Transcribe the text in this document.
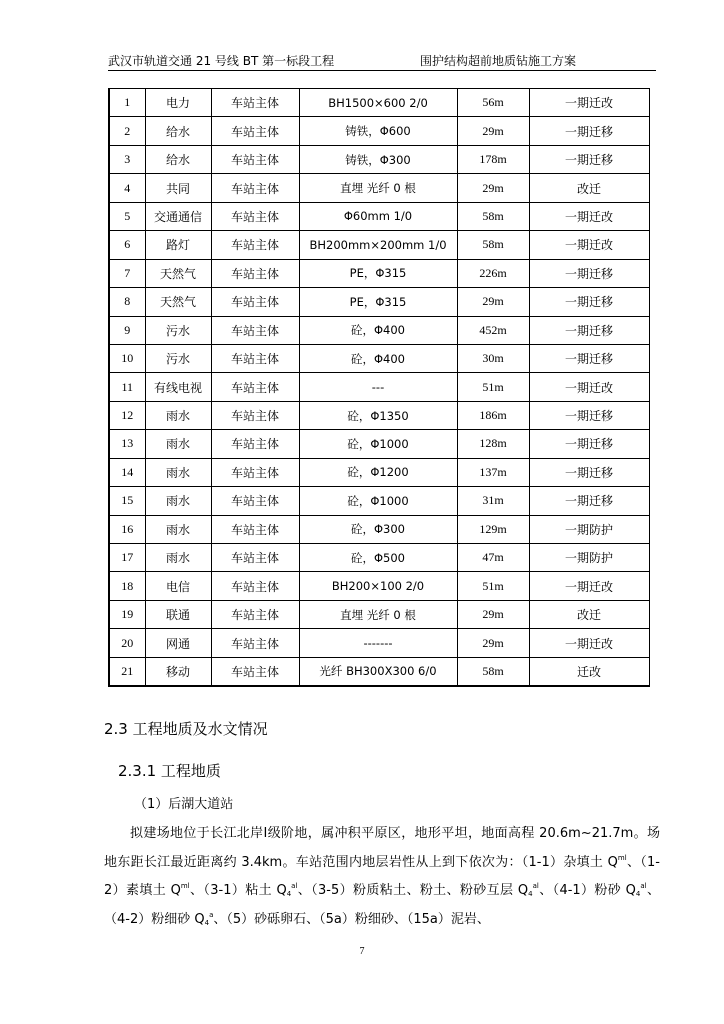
武汉市轨道交通 21 号线 BT 第一标段工程	围护结构超前地质钻施工方案
1	电力	车站主体	BH1500×600 2/0	56m	一期迁改
2	给水	车站主体	铸铁，Φ600	29m	一期迁移
3	给水	车站主体	铸铁，Φ300	178m	一期迁移
4	共同	车站主体	直埋 光纤 0 根	29m	改迁
5	交通通信	车站主体	Φ60mm 1/0	58m	一期迁改
6	路灯	车站主体	BH200mm×200mm 1/0	58m	一期迁改
7	天然气	车站主体	PE，Φ315	226m	一期迁移
8	天然气	车站主体	PE，Φ315	29m	一期迁移
9	污水	车站主体	砼，Φ400	452m	一期迁移
10	污水	车站主体	砼，Φ400	30m	一期迁移
11	有线电视	车站主体	---	51m	一期迁改
12	雨水	车站主体	砼，Φ1350	186m	一期迁移
13	雨水	车站主体	砼，Φ1000	128m	一期迁移
14	雨水	车站主体	砼，Φ1200	137m	一期迁移
15	雨水	车站主体	砼，Φ1000	31m	一期迁移
16	雨水	车站主体	砼，Φ300	129m	一期防护
17	雨水	车站主体	砼，Φ500	47m	一期防护
18	电信	车站主体	BH200×100 2/0	51m	一期迁改
19	联通	车站主体	直埋 光纤 0 根	29m	改迁
20	网通	车站主体	-------	29m	一期迁改
21	移动	车站主体	光纤 BH300X300 6/0	58m	迁改
2.3 工程地质及水文情况
2.3.1 工程地质
（1）后湖大道站
拟建场地位于长江北岸Ⅰ级阶地，属冲积平原区，地形平坦，地面高程 20.6m~21.7m。场地东距长江最近距离约 3.4km。车站范围内地层岩性从上到下依次为：（1-1）杂填土 $Q^{ml}$、（1-2）素填土 $Q^{ml}$、（3-1）粘土 $Q_4^{al}$、（3-5）粉质粘土、粉土、粉砂互层 $Q_4^{al}$、（4-1）粉砂 $Q_4^{al}$、（4-2）粉细砂 $Q_4^a$、（5）砂砾卵石、（5a）粉细砂、（15a）泥岩、
7
